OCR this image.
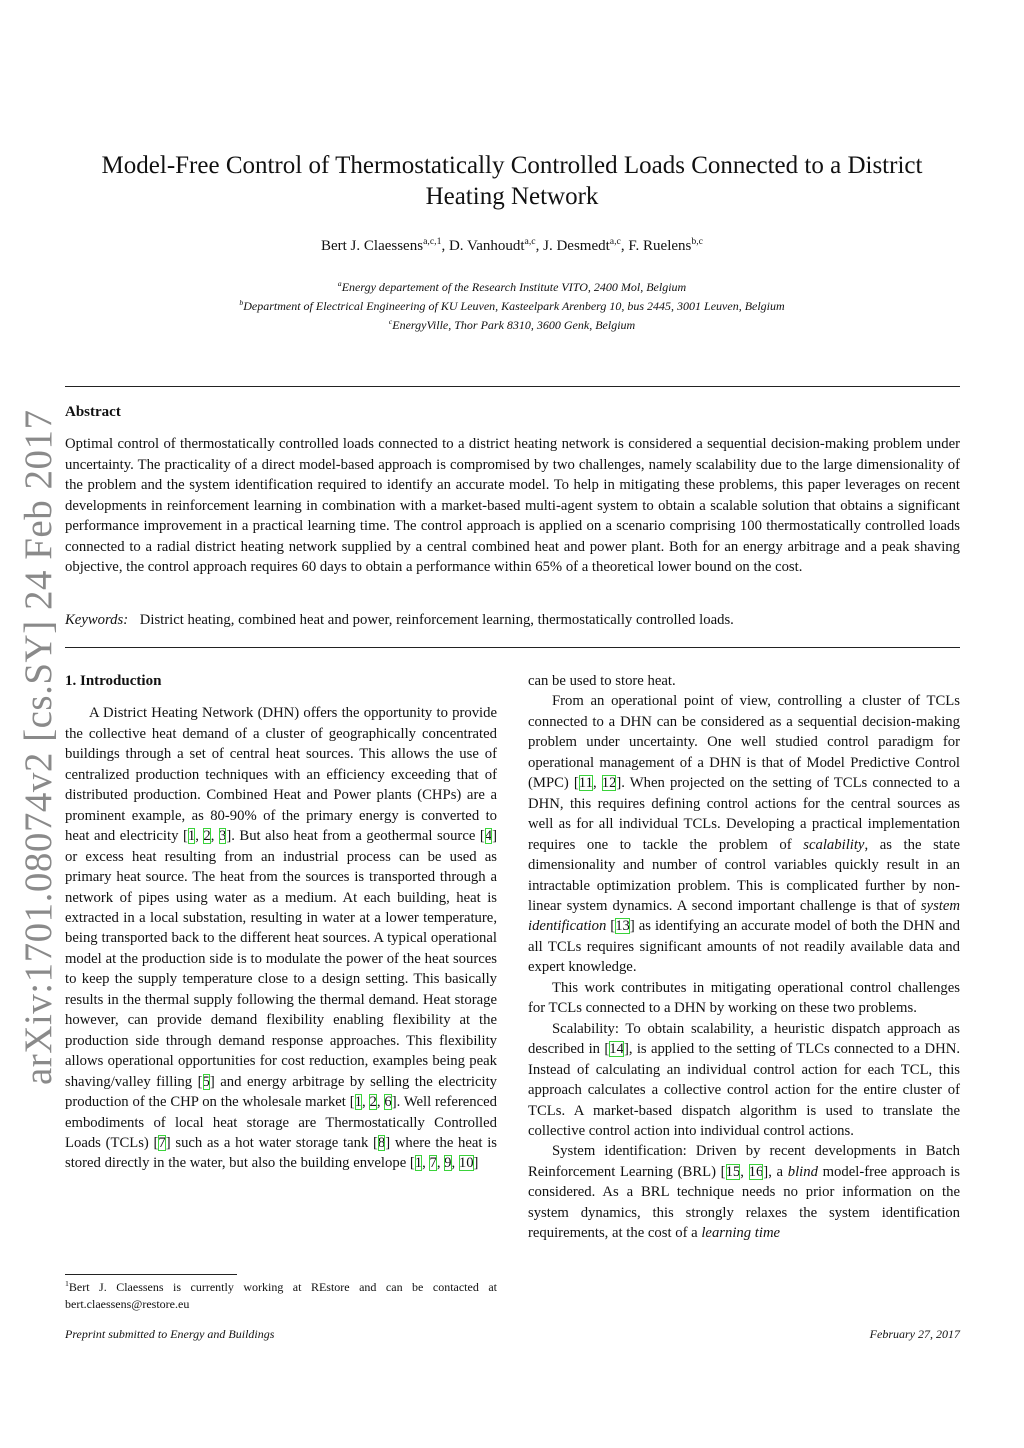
arXiv:1701.08074v2 [cs.SY] 24 Feb 2017
Model-Free Control of Thermostatically Controlled Loads Connected to a District Heating Network
Bert J. Claessens$^{a,c,1}$, D. Vanhoudt$^{a,c}$, J. Desmedt$^{a,c}$, F. Ruelens$^{b,c}$
$^a$Energy departement of the Research Institute VITO, 2400 Mol, Belgium
$^b$Department of Electrical Engineering of KU Leuven, Kasteelpark Arenberg 10, bus 2445, 3001 Leuven, Belgium
$^c$EnergyVille, Thor Park 8310, 3600 Genk, Belgium
Abstract
Optimal control of thermostatically controlled loads connected to a district heating network is considered a sequential decision-making problem under uncertainty. The practicality of a direct model-based approach is compromised by two challenges, namely scalability due to the large dimensionality of the problem and the system identification required to identify an accurate model. To help in mitigating these problems, this paper leverages on recent developments in reinforcement learning in combination with a market-based multi-agent system to obtain a scalable solution that obtains a significant performance improvement in a practical learning time. The control approach is applied on a scenario comprising 100 thermostatically controlled loads connected to a radial district heating network supplied by a central combined heat and power plant. Both for an energy arbitrage and a peak shaving objective, the control approach requires 60 days to obtain a performance within 65% of a theoretical lower bound on the cost.
Keywords: District heating, combined heat and power, reinforcement learning, thermostatically controlled loads.
1. Introduction

A District Heating Network (DHN) offers the opportunity to provide the collective heat demand of a cluster of geographically concentrated buildings through a set of central heat sources. This allows the use of centralized production techniques with an efficiency exceeding that of distributed production. Combined Heat and Power plants (CHPs) are a prominent example, as 80-90% of the primary energy is converted to heat and electricity [1, 2, 3]. But also heat from a geothermal source [4] or excess heat resulting from an industrial process can be used as primary heat source. The heat from the sources is transported through a network of pipes using water as a medium. At each building, heat is extracted in a local substation, resulting in water at a lower temperature, being transported back to the different heat sources. A typical operational model at the production side is to modulate the power of the heat sources to keep the supply temperature close to a design setting. This basically results in the thermal supply following the thermal demand. Heat storage however, can provide demand flexibility enabling flexibility at the production side through demand response approaches. This flexibility allows operational opportunities for cost reduction, examples being peak shaving/valley filling [5] and energy arbitrage by selling the electricity production of the CHP on the wholesale market [1, 2, 6]. Well referenced embodiments of local heat storage are Thermostatically Controlled Loads (TCLs) [7] such as a hot water storage tank [8] where the heat is stored directly in the water, but also the building envelope [1, 7, 9, 10]

can be used to store heat.

From an operational point of view, controlling a cluster of TCLs connected to a DHN can be considered as a sequential decision-making problem under uncertainty. One well studied control paradigm for operational management of a DHN is that of Model Predictive Control (MPC) [11, 12]. When projected on the setting of TCLs connected to a DHN, this requires defining control actions for the central sources as well as for all individual TCLs. Developing a practical implementation requires one to tackle the problem of scalability, as the state dimensionality and number of control variables quickly result in an intractable optimization problem. This is complicated further by non-linear system dynamics. A second important challenge is that of system identification [13] as identifying an accurate model of both the DHN and all TCLs requires significant amounts of not readily available data and expert knowledge.

This work contributes in mitigating operational control challenges for TCLs connected to a DHN by working on these two problems.

Scalability: To obtain scalability, a heuristic dispatch approach as described in [14], is applied to the setting of TLCs connected to a DHN. Instead of calculating an individual control action for each TCL, this approach calculates a collective control action for the entire cluster of TCLs. A market-based dispatch algorithm is used to translate the collective control action into individual control actions.

System identification: Driven by recent developments in Batch Reinforcement Learning (BRL) [15, 16], a blind model-free approach is considered. As a BRL technique needs no prior information on the system dynamics, this strongly relaxes the system identification requirements, at the cost of a learning time

$^1$Bert J. Claessens is currently working at REstore and can be contacted at bert.claessens@restore.eu
Preprint submitted to Energy and Buildings	February 27, 2017
